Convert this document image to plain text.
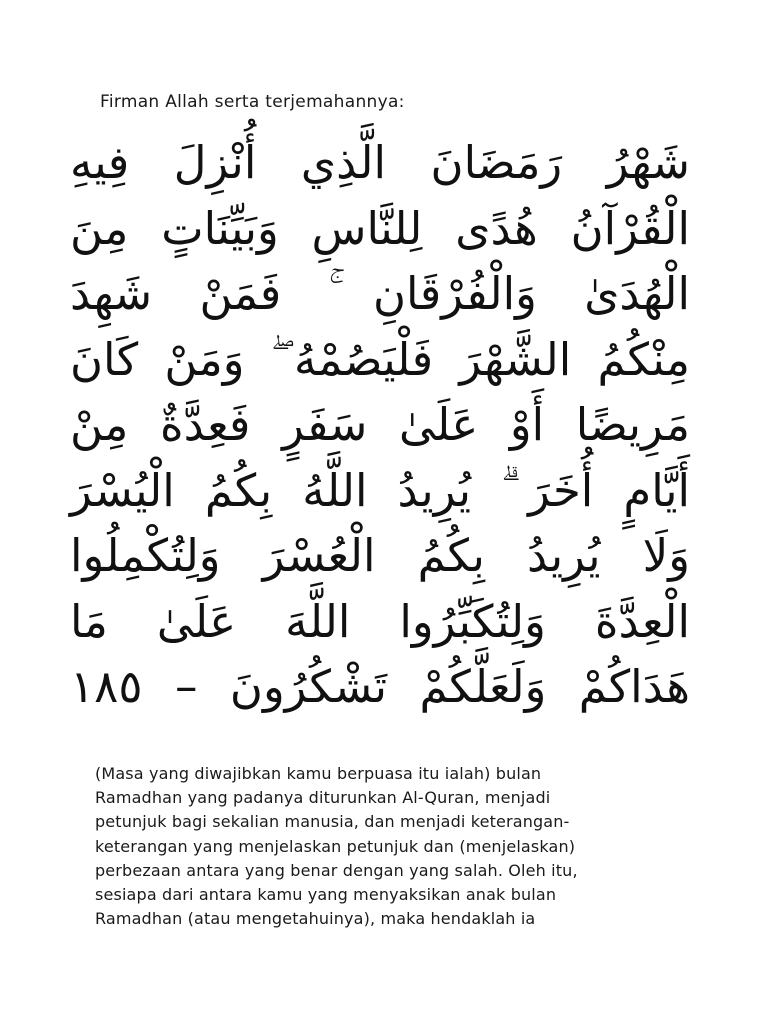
Firman Allah serta terjemahannya:
شَهْرُ رَمَضَانَ الَّذِي أُنْزِلَ فِيهِ
الْقُرْآنُ هُدًى لِلنَّاسِ وَبَيِّنَاتٍ مِنَ
الْهُدَىٰ وَالْفُرْقَانِ ۚ فَمَنْ شَهِدَ
مِنْكُمُ الشَّهْرَ فَلْيَصُمْهُ ۖ وَمَنْ كَانَ
مَرِيضًا أَوْ عَلَىٰ سَفَرٍ فَعِدَّةٌ مِنْ
أَيَّامٍ أُخَرَ ۗ يُرِيدُ اللَّهُ بِكُمُ الْيُسْرَ
وَلَا يُرِيدُ بِكُمُ الْعُسْرَ وَلِتُكْمِلُوا
الْعِدَّةَ وَلِتُكَبِّرُوا اللَّهَ عَلَىٰ مَا
هَدَاكُمْ وَلَعَلَّكُمْ تَشْكُرُونَ – ١٨٥
(Masa yang diwajibkan kamu berpuasa itu ialah) bulan
Ramadhan yang padanya diturunkan Al-Quran, menjadi
petunjuk bagi sekalian manusia, dan menjadi keterangan-
keterangan yang menjelaskan petunjuk dan (menjelaskan)
perbezaan antara yang benar dengan yang salah. Oleh itu,
sesiapa dari antara kamu yang menyaksikan anak bulan
Ramadhan (atau mengetahuinya), maka hendaklah ia
